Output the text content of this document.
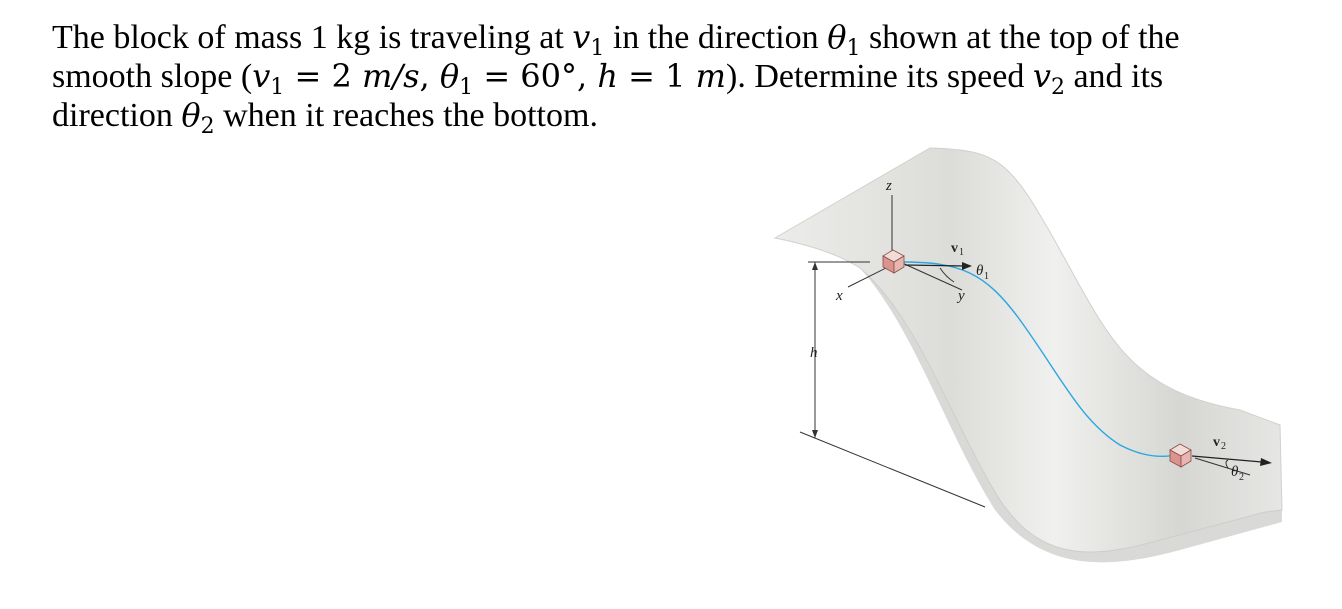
The block of mass 1 kg is traveling at $v_1$ in the direction $\theta_1$ shown at the top of the
smooth slope ($v_1 = 2$ m/s, $\theta_1 = 60^\circ$, h = 1 m). Determine its speed $v_2$ and its
direction $\theta_2$ when it reaches the bottom.
h
z
x	y
v 1
θ 1
v 2
θ 2
